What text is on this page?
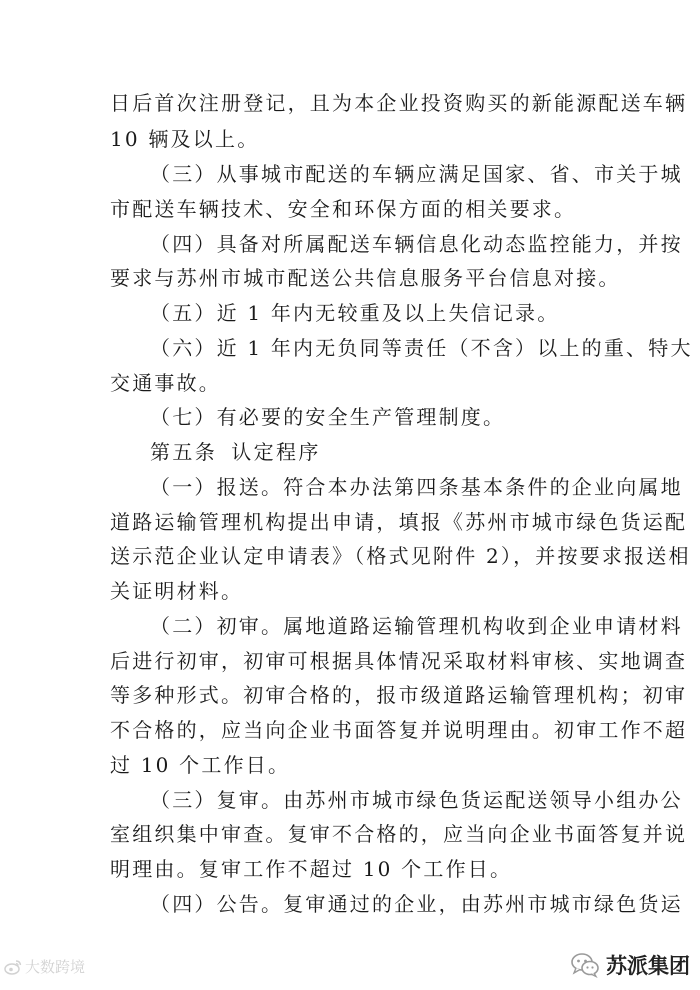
日后首次注册登记，且为本企业投资购买的新能源配送车辆
10 辆及以上。
（三）从事城市配送的车辆应满足国家、省、市关于城
市配送车辆技术、安全和环保方面的相关要求。
（四）具备对所属配送车辆信息化动态监控能力，并按
要求与苏州市城市配送公共信息服务平台信息对接。
（五）近 1 年内无较重及以上失信记录。
（六）近 1 年内无负同等责任（不含）以上的重、特大
交通事故。
（七）有必要的安全生产管理制度。
第五条 认定程序
（一）报送。符合本办法第四条基本条件的企业向属地
道路运输管理机构提出申请，填报《苏州市城市绿色货运配
送示范企业认定申请表》（格式见附件 2），并按要求报送相
关证明材料。
（二）初审。属地道路运输管理机构收到企业申请材料
后进行初审，初审可根据具体情况采取材料审核、实地调查
等多种形式。初审合格的，报市级道路运输管理机构；初审
不合格的，应当向企业书面答复并说明理由。初审工作不超
过 10 个工作日。
（三）复审。由苏州市城市绿色货运配送领导小组办公
室组织集中审查。复审不合格的，应当向企业书面答复并说
明理由。复审工作不超过 10 个工作日。
（四）公告。复审通过的企业，由苏州市城市绿色货运
大数跨境	苏派集团
